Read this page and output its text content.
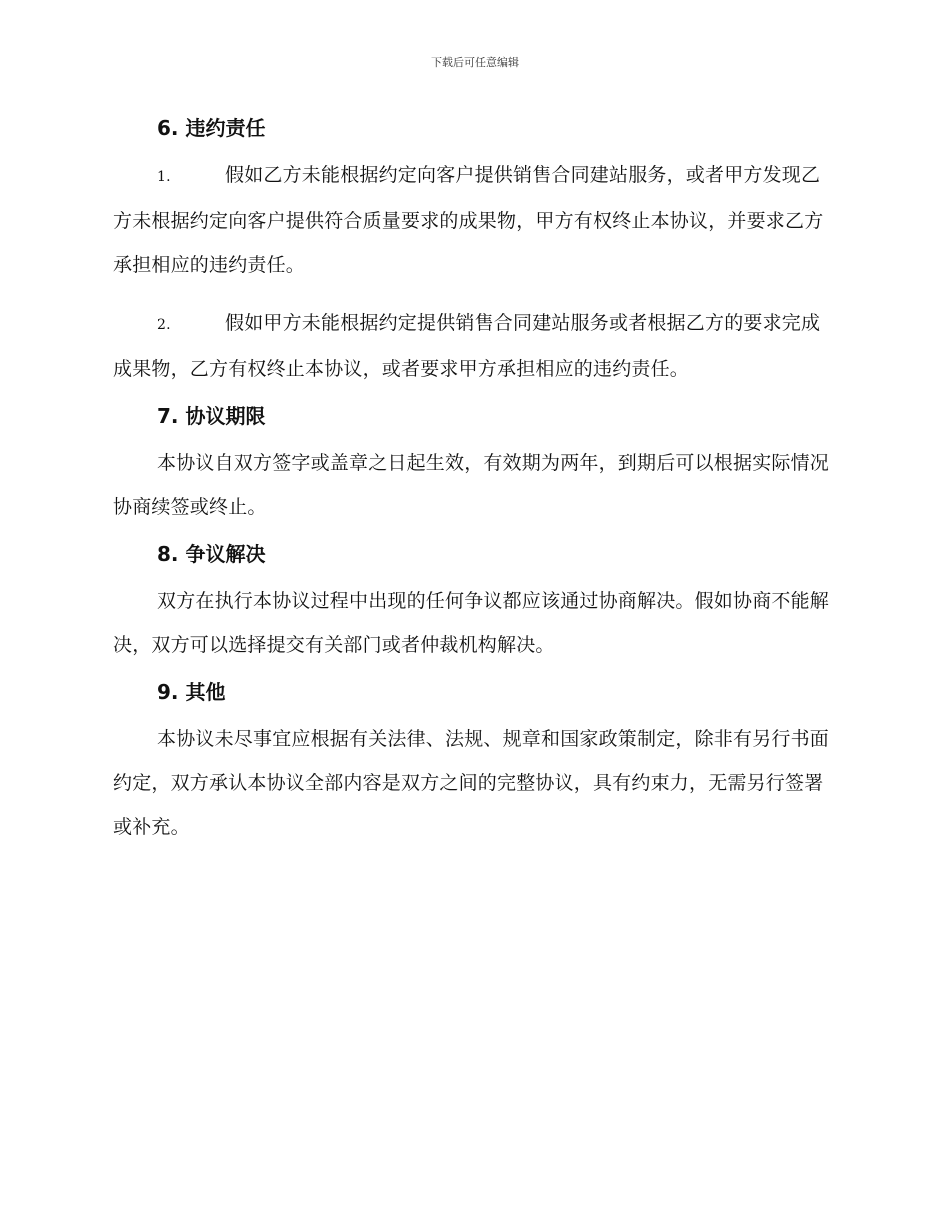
下载后可任意编辑
6. 违约责任

1.	假如乙方未能根据约定向客户提供销售合同建站服务，或者甲方发现乙方未根据约定向客户提供符合质量要求的成果物，甲方有权终止本协议，并要求乙方承担相应的违约责任。

2.	假如甲方未能根据约定提供销售合同建站服务或者根据乙方的要求完成成果物，乙方有权终止本协议，或者要求甲方承担相应的违约责任。

7. 协议期限

本协议自双方签字或盖章之日起生效，有效期为两年，到期后可以根据实际情况协商续签或终止。

8. 争议解决

双方在执行本协议过程中出现的任何争议都应该通过协商解决。假如协商不能解决，双方可以选择提交有关部门或者仲裁机构解决。

9. 其他

本协议未尽事宜应根据有关法律、法规、规章和国家政策制定，除非有另行书面约定，双方承认本协议全部内容是双方之间的完整协议，具有约束力，无需另行签署或补充。
